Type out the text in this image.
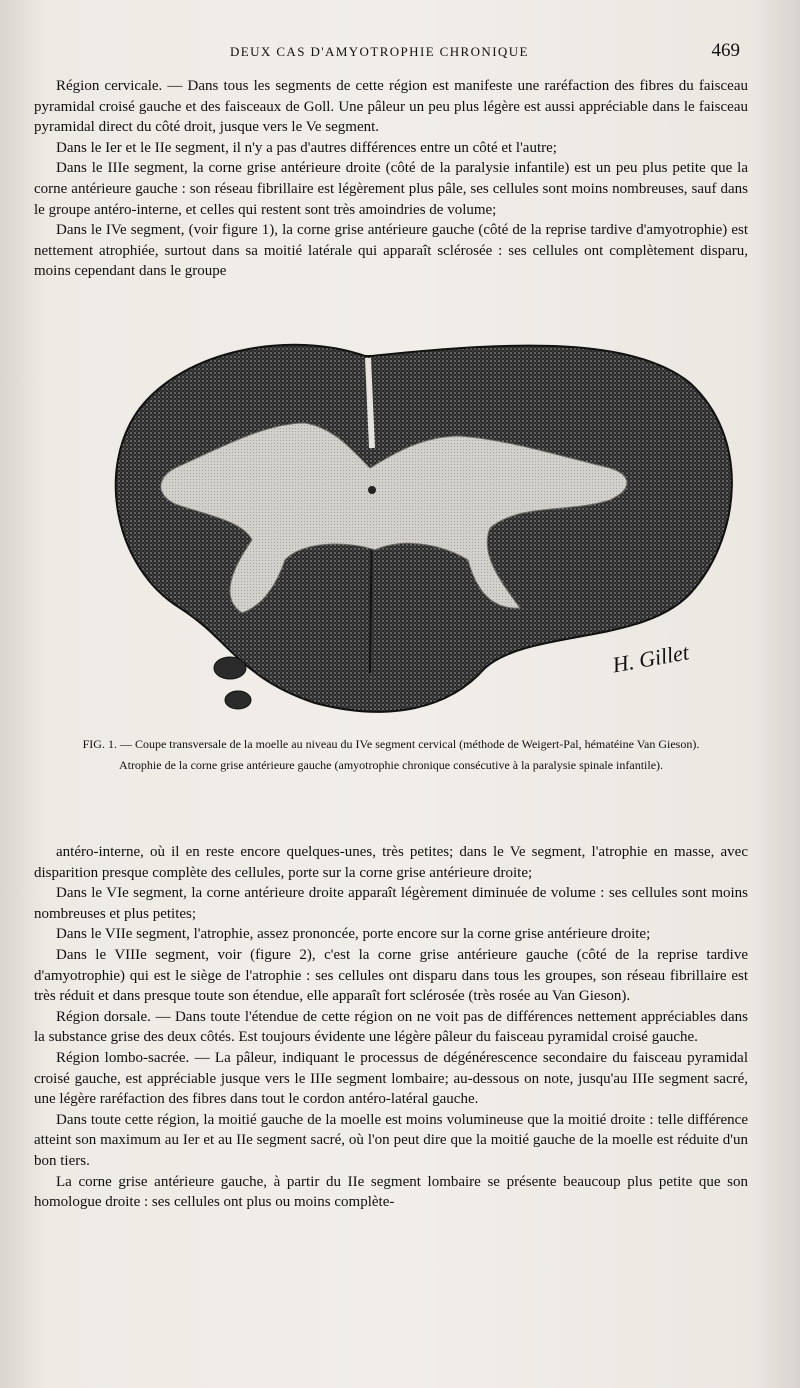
DEUX CAS D'AMYOTROPHIE CHRONIQUE	469

Région cervicale. — Dans tous les segments de cette région est manifeste une raréfaction des fibres du faisceau pyramidal croisé gauche et des faisceaux de Goll. Une pâleur un peu plus légère est aussi appréciable dans le faisceau pyramidal direct du côté droit, jusque vers le Ve segment.

Dans le Ier et le IIe segment, il n'y a pas d'autres différences entre un côté et l'autre;

Dans le IIIe segment, la corne grise antérieure droite (côté de la paralysie infantile) est un peu plus petite que la corne antérieure gauche : son réseau fibrillaire est légèrement plus pâle, ses cellules sont moins nombreuses, sauf dans le groupe antéro-interne, et celles qui restent sont très amoindries de volume;

Dans le IVe segment, (voir figure 1), la corne grise antérieure gauche (côté de la reprise tardive d'amyotrophie) est nettement atrophiée, surtout dans sa moitié latérale qui apparaît sclérosée : ses cellules ont complètement disparu, moins cependant dans le groupe

H. Gillet

FIG. 1. — Coupe transversale de la moelle au niveau du IVe segment cervical (méthode de Weigert-Pal, hématéine Van Gieson).

Atrophie de la corne grise antérieure gauche (amyotrophie chronique consécutive à la paralysie spinale infantile).

antéro-interne, où il en reste encore quelques-unes, très petites; dans le Ve segment, l'atrophie en masse, avec disparition presque complète des cellules, porte sur la corne grise antérieure droite;

Dans le VIe segment, la corne antérieure droite apparaît légèrement diminuée de volume : ses cellules sont moins nombreuses et plus petites;

Dans le VIIe segment, l'atrophie, assez prononcée, porte encore sur la corne grise antérieure droite;

Dans le VIIIe segment, voir (figure 2), c'est la corne grise antérieure gauche (côté de la reprise tardive d'amyotrophie) qui est le siège de l'atrophie : ses cellules ont disparu dans tous les groupes, son réseau fibrillaire est très réduit et dans presque toute son étendue, elle apparaît fort sclérosée (très rosée au Van Gieson).

Région dorsale. — Dans toute l'étendue de cette région on ne voit pas de différences nettement appréciables dans la substance grise des deux côtés. Est toujours évidente une légère pâleur du faisceau pyramidal croisé gauche.

Région lombo-sacrée. — La pâleur, indiquant le processus de dégénérescence secondaire du faisceau pyramidal croisé gauche, est appréciable jusque vers le IIIe segment lombaire; au-dessous on note, jusqu'au IIIe segment sacré, une légère raréfaction des fibres dans tout le cordon antéro-latéral gauche.

Dans toute cette région, la moitié gauche de la moelle est moins volumineuse que la moitié droite : telle différence atteint son maximum au Ier et au IIe segment sacré, où l'on peut dire que la moitié gauche de la moelle est réduite d'un bon tiers.

La corne grise antérieure gauche, à partir du IIe segment lombaire se présente beaucoup plus petite que son homologue droite : ses cellules ont plus ou moins complète-
